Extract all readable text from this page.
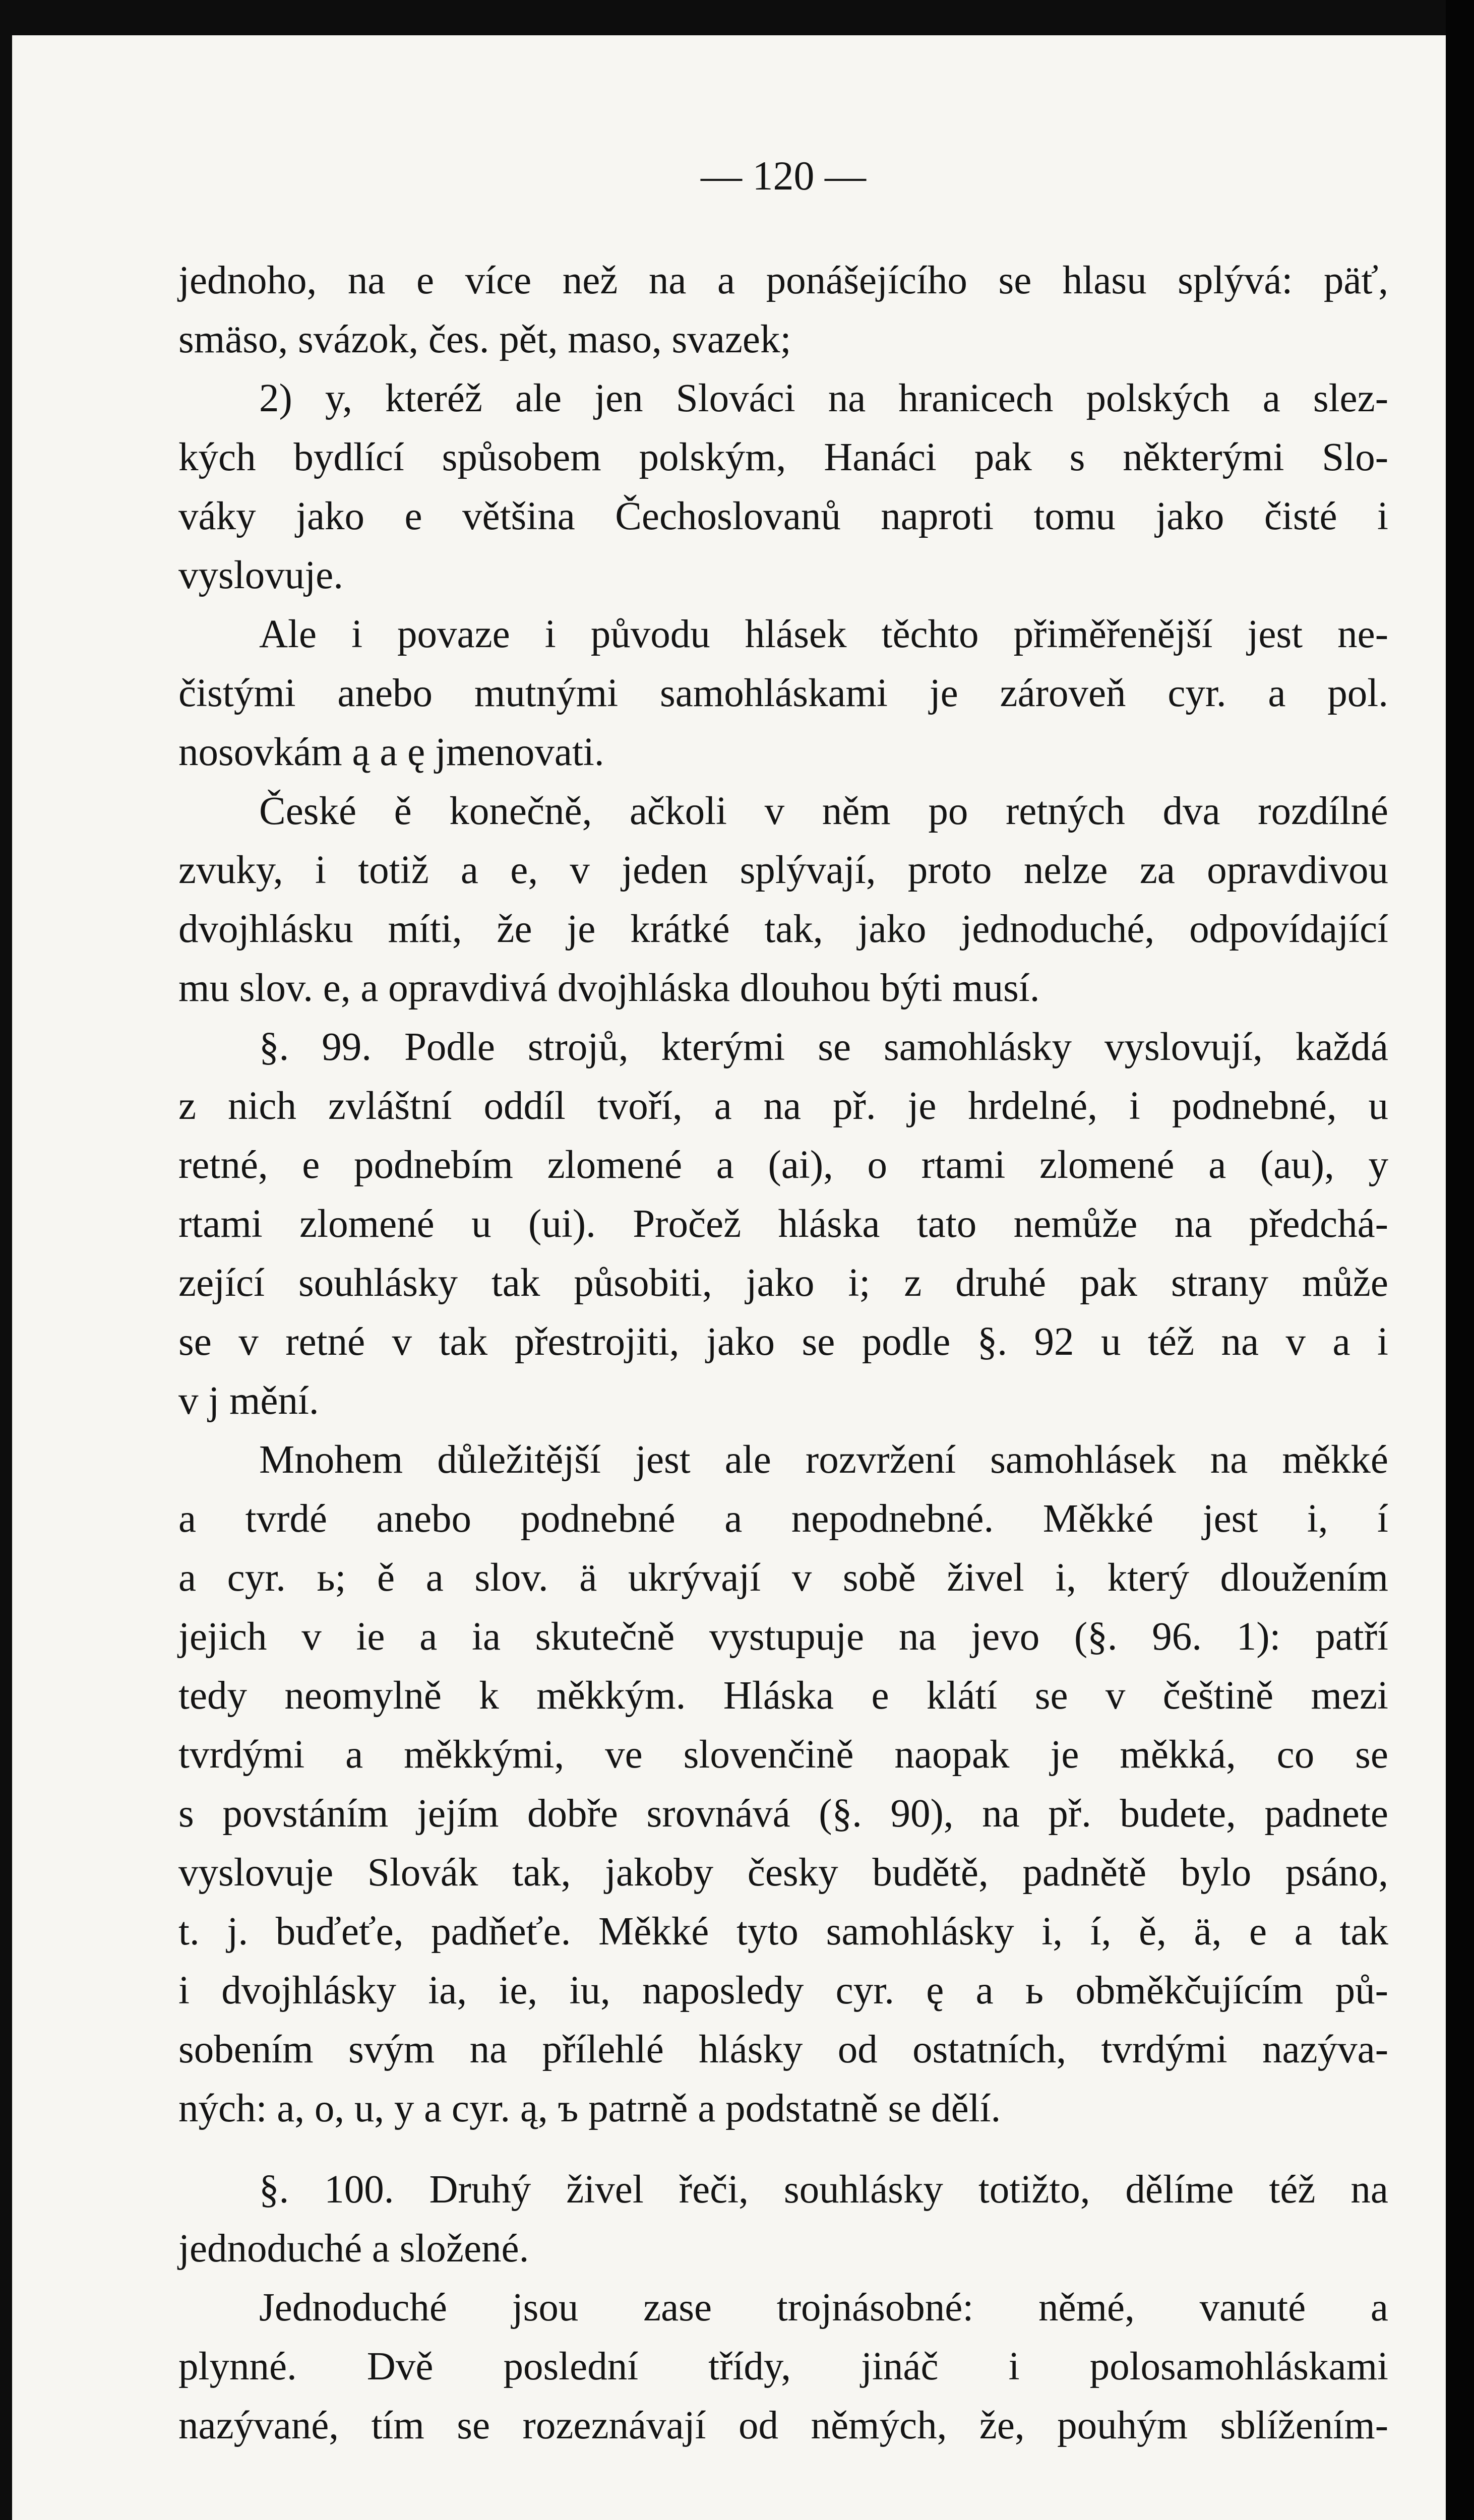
— 120 —
jednoho, na e více než na a ponášejícího se hlasu splývá: päť,
smäso, svázok, čes. pět, maso, svazek;
2) y, kteréž ale jen Slováci na hranicech polských a slez-
kých bydlící spůsobem polským, Hanáci pak s některými Slo-
váky jako e většina Čechoslovanů naproti tomu jako čisté i
vyslovuje.
Ale i povaze i původu hlásek těchto přiměřenější jest ne-
čistými anebo mutnými samohláskami je zároveň cyr. a pol.
nosovkám ą a ę jmenovati.
České ě konečně, ačkoli v něm po retných dva rozdílné
zvuky, i totiž a e, v jeden splývají, proto nelze za opravdivou
dvojhlásku míti, že je krátké tak, jako jednoduché, odpovídající
mu slov. e, a opravdivá dvojhláska dlouhou býti musí.
§. 99. Podle strojů, kterými se samohlásky vyslovují, každá
z nich zvláštní oddíl tvoří, a na př. je hrdelné, i podnebné, u
retné, e podnebím zlomené a (ai), o rtami zlomené a (au), y
rtami zlomené u (ui). Pročež hláska tato nemůže na předchá-
zející souhlásky tak působiti, jako i; z druhé pak strany může
se v retné v tak přestrojiti, jako se podle §. 92 u též na v a i
v j mění.
Mnohem důležitější jest ale rozvržení samohlásek na měkké
a tvrdé anebo podnebné a nepodnebné. Měkké jest i, í
a cyr. ь; ě a slov. ä ukrývají v sobě živel i, který dloužením
jejich v ie a ia skutečně vystupuje na jevo (§. 96. 1): patří
tedy neomylně k měkkým. Hláska e klátí se v češtině mezi
tvrdými a měkkými, ve slovenčině naopak je měkká, co se
s povstáním jejím dobře srovnává (§. 90), na př. budete, padnete
vyslovuje Slovák tak, jakoby česky budětě, padnětě bylo psáno,
t. j. buďeťe, padňeťe. Měkké tyto samohlásky i, í, ě, ä, e a tak
i dvojhlásky ia, ie, iu, naposledy cyr. ę a ь obměkčujícím pů-
sobením svým na přílehlé hlásky od ostatních, tvrdými nazýva-
ných: a, o, u, y a cyr. ą, ъ patrně a podstatně se dělí.
§. 100. Druhý živel řeči, souhlásky totižto, dělíme též na
jednoduché a složené.
Jednoduché jsou zase trojnásobné: němé, vanuté a
plynné. Dvě poslední třídy, jináč i polosamohláskami
nazývané, tím se rozeznávají od němých, že, pouhým sblížením-
